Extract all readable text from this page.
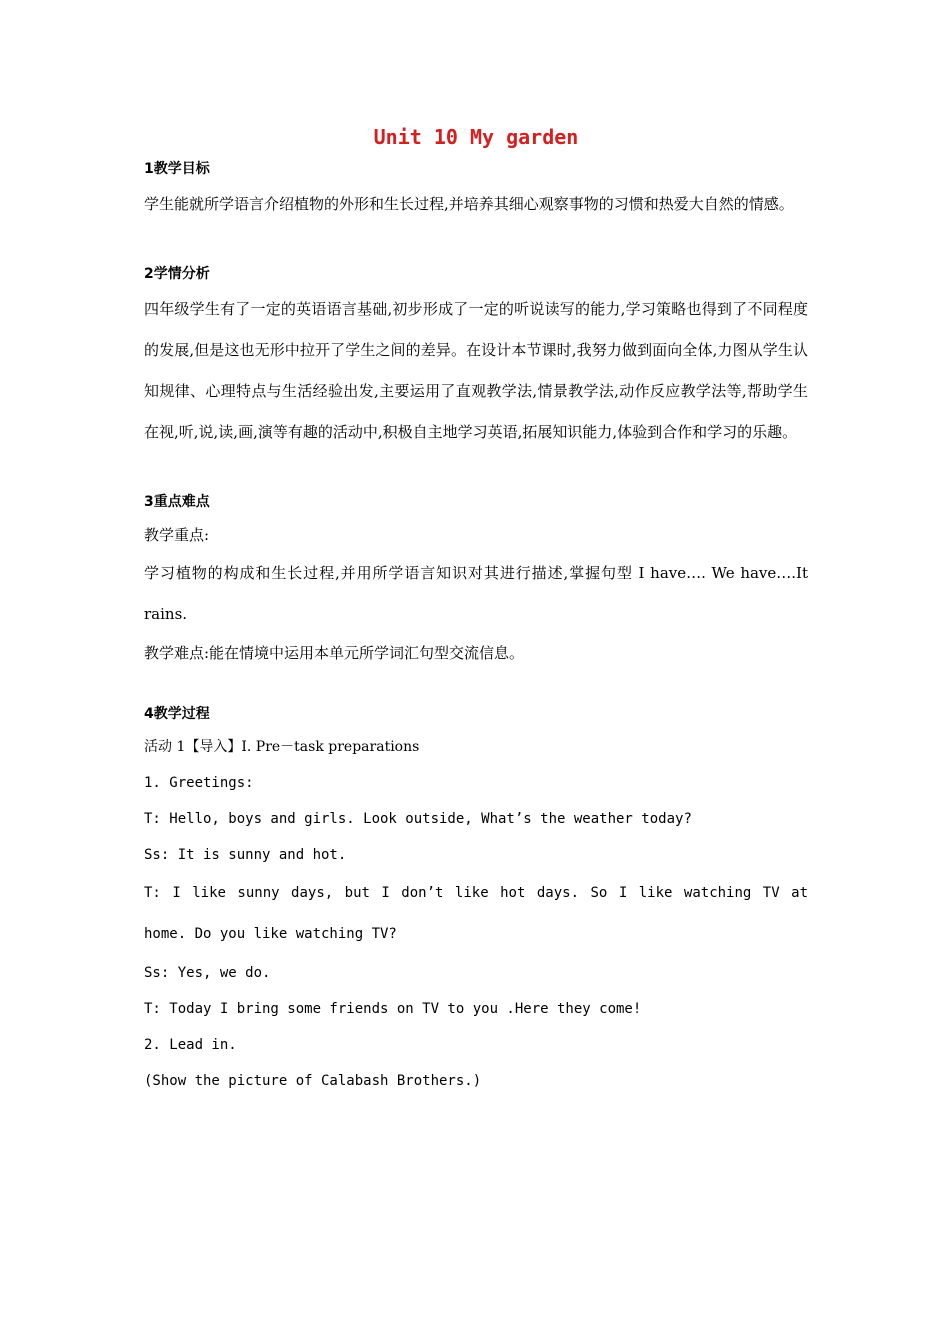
Unit 10 My garden
1教学目标

学生能就所学语言介绍植物的外形和生长过程,并培养其细心观察事物的习惯和热爱大自然的情感。

2学情分析

四年级学生有了一定的英语语言基础,初步形成了一定的听说读写的能力,学习策略也得到了不同程度的发展,但是这也无形中拉开了学生之间的差异。在设计本节课时,我努力做到面向全体,力图从学生认知规律、心理特点与生活经验出发,主要运用了直观教学法,情景教学法,动作反应教学法等,帮助学生在视,听,说,读,画,演等有趣的活动中,积极自主地学习英语,拓展知识能力,体验到合作和学习的乐趣。

3重点难点

教学重点:

学习植物的构成和生长过程,并用所学语言知识对其进行描述,掌握句型 I have…. We have….It rains.

教学难点:能在情境中运用本单元所学词汇句型交流信息。

4教学过程

活动 1【导入】I. Pre－task preparations

1. Greetings:

T: Hello, boys and girls. Look outside, What’s the weather today?

Ss: It is sunny and hot.

T: I like sunny days, but I don’t like hot days. So I like watching TV at home. Do you like watching TV?

Ss: Yes, we do.

T: Today I bring some friends on TV to you .Here they come!

2. Lead in.

(Show the picture of Calabash Brothers.)
